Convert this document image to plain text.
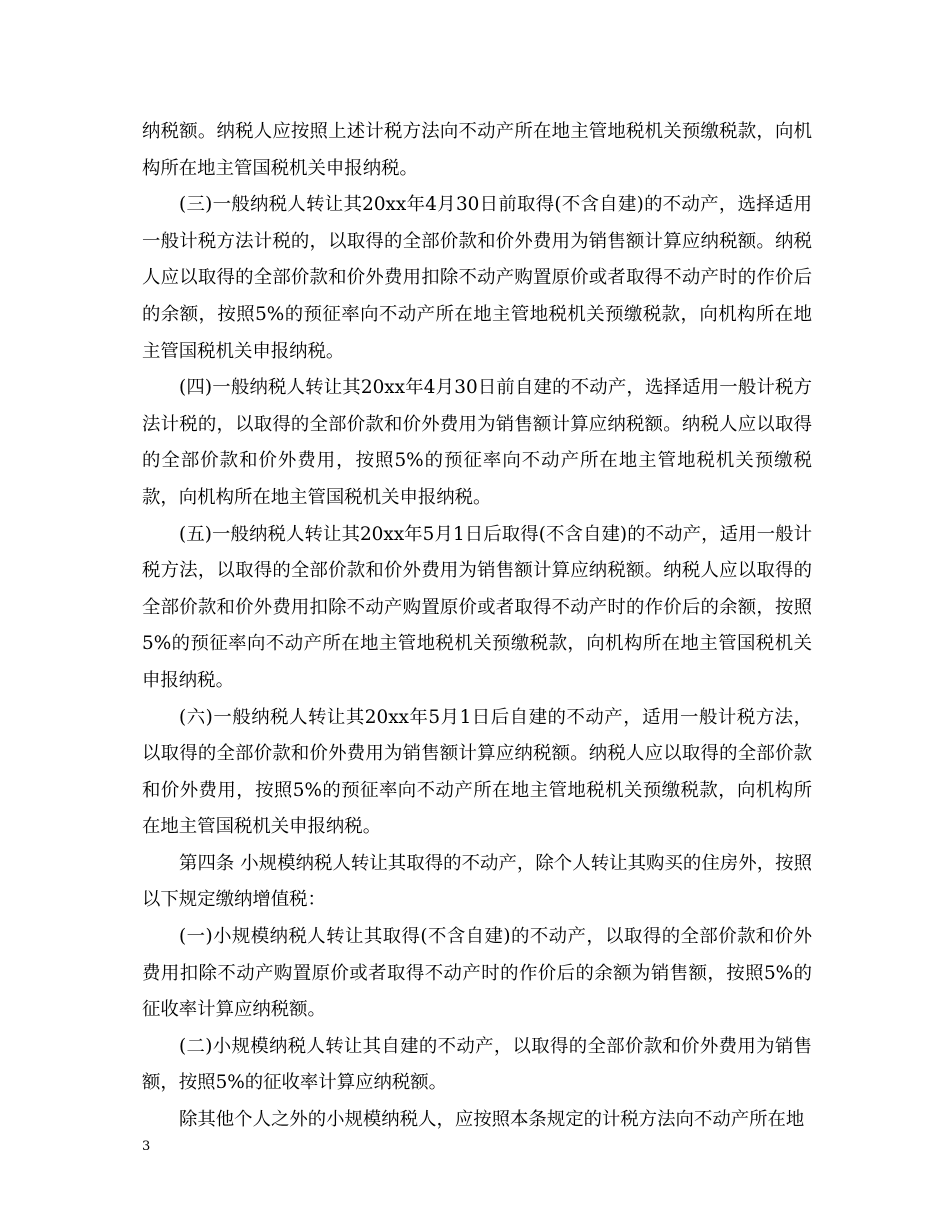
纳税额。纳税人应按照上述计税方法向不动产所在地主管地税机关预缴税款，向机构所在地主管国税机关申报纳税。

(三)一般纳税人转让其20xx年4月30日前取得(不含自建)的不动产，选择适用一般计税方法计税的，以取得的全部价款和价外费用为销售额计算应纳税额。纳税人应以取得的全部价款和价外费用扣除不动产购置原价或者取得不动产时的作价后的余额，按照5%的预征率向不动产所在地主管地税机关预缴税款，向机构所在地主管国税机关申报纳税。

(四)一般纳税人转让其20xx年4月30日前自建的不动产，选择适用一般计税方法计税的，以取得的全部价款和价外费用为销售额计算应纳税额。纳税人应以取得的全部价款和价外费用，按照5%的预征率向不动产所在地主管地税机关预缴税款，向机构所在地主管国税机关申报纳税。

(五)一般纳税人转让其20xx年5月1日后取得(不含自建)的不动产，适用一般计税方法，以取得的全部价款和价外费用为销售额计算应纳税额。纳税人应以取得的全部价款和价外费用扣除不动产购置原价或者取得不动产时的作价后的余额，按照5%的预征率向不动产所在地主管地税机关预缴税款，向机构所在地主管国税机关申报纳税。

(六)一般纳税人转让其20xx年5月1日后自建的不动产，适用一般计税方法，以取得的全部价款和价外费用为销售额计算应纳税额。纳税人应以取得的全部价款和价外费用，按照5%的预征率向不动产所在地主管地税机关预缴税款，向机构所在地主管国税机关申报纳税。

第四条 小规模纳税人转让其取得的不动产，除个人转让其购买的住房外，按照以下规定缴纳增值税：

(一)小规模纳税人转让其取得(不含自建)的不动产，以取得的全部价款和价外费用扣除不动产购置原价或者取得不动产时的作价后的余额为销售额，按照5%的征收率计算应纳税额。

(二)小规模纳税人转让其自建的不动产，以取得的全部价款和价外费用为销售额，按照5%的征收率计算应纳税额。

除其他个人之外的小规模纳税人，应按照本条规定的计税方法向不动产所在地

3
